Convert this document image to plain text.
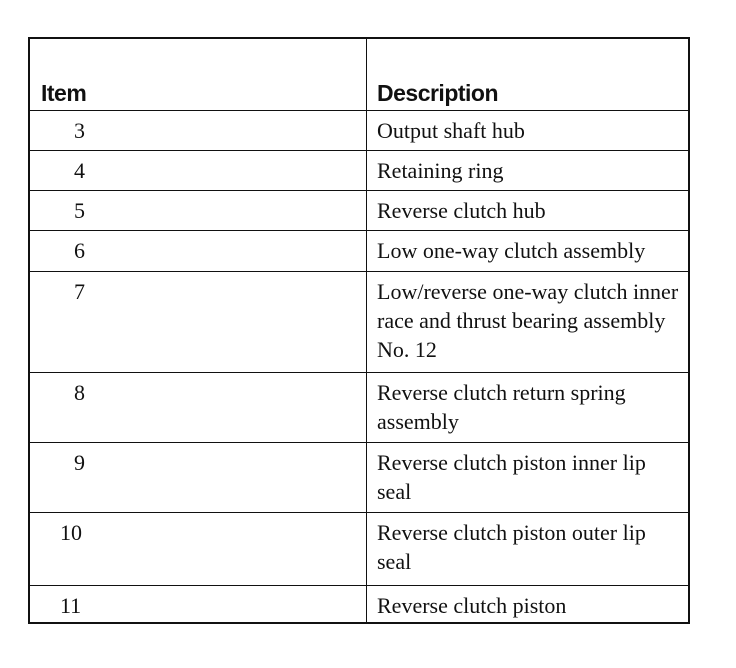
Item	Description
3	Output shaft hub
4	Retaining ring
5	Reverse clutch hub
6	Low one-way clutch assembly
7	Low/reverse one-way clutch inner race and thrust bearing assembly No. 12
8	Reverse clutch return spring assembly
9	Reverse clutch piston inner lip seal
10	Reverse clutch piston outer lip seal
11	Reverse clutch piston
